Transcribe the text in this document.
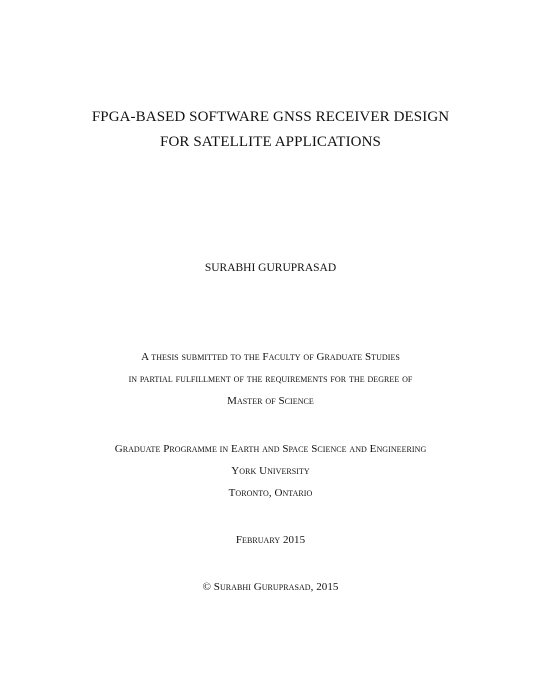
FPGA-BASED SOFTWARE GNSS RECEIVER DESIGN
FOR SATELLITE APPLICATIONS
SURABHI GURUPRASAD
A thesis submitted to the Faculty of Graduate Studies
in partial fulfillment of the requirements for the degree of
Master of Science
Graduate Programme in Earth and Space Science and Engineering
York University
Toronto, Ontario
February 2015
© Surabhi Guruprasad, 2015
